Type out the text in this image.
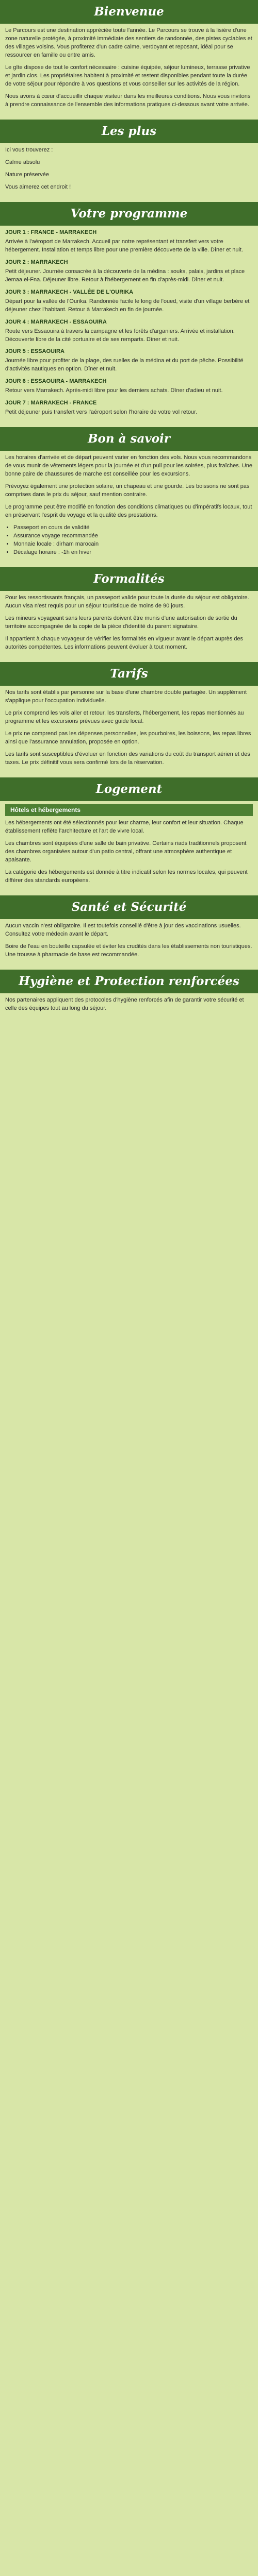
Bienvenue

Le Parcours est une destination appréciée toute l'année. Le Parcours se trouve à la lisière d'une zone naturelle protégée, à proximité immédiate des sentiers de randonnée, des pistes cyclables et des villages voisins. Vous profiterez d'un cadre calme, verdoyant et reposant, idéal pour se ressourcer en famille ou entre amis.

Le gîte dispose de tout le confort nécessaire : cuisine équipée, séjour lumineux, terrasse privative et jardin clos. Les propriétaires habitent à proximité et restent disponibles pendant toute la durée de votre séjour pour répondre à vos questions et vous conseiller sur les activités de la région.

Nous avons à cœur d'accueillir chaque visiteur dans les meilleures conditions. Nous vous invitons à prendre connaissance de l'ensemble des informations pratiques ci-dessous avant votre arrivée.

Les plus

Ici vous trouverez :

Calme absolu

Nature préservée

Vous aimerez cet endroit !

Votre programme
JOUR 1 : FRANCE - MARRAKECH

Arrivée à l'aéroport de Marrakech. Accueil par notre représentant et transfert vers votre hébergement. Installation et temps libre pour une première découverte de la ville. Dîner et nuit.

JOUR 2 : MARRAKECH

Petit déjeuner. Journée consacrée à la découverte de la médina : souks, palais, jardins et place Jemaa el-Fna. Déjeuner libre. Retour à l'hébergement en fin d'après-midi. Dîner et nuit.

JOUR 3 : MARRAKECH - VALLÉE DE L'OURIKA

Départ pour la vallée de l'Ourika. Randonnée facile le long de l'oued, visite d'un village berbère et déjeuner chez l'habitant. Retour à Marrakech en fin de journée.

JOUR 4 : MARRAKECH - ESSAOUIRA

Route vers Essaouira à travers la campagne et les forêts d'arganiers. Arrivée et installation. Découverte libre de la cité portuaire et de ses remparts. Dîner et nuit.

JOUR 5 : ESSAOUIRA

Journée libre pour profiter de la plage, des ruelles de la médina et du port de pêche. Possibilité d'activités nautiques en option. Dîner et nuit.

JOUR 6 : ESSAOUIRA - MARRAKECH

Retour vers Marrakech. Après-midi libre pour les derniers achats. Dîner d'adieu et nuit.

JOUR 7 : MARRAKECH - FRANCE

Petit déjeuner puis transfert vers l'aéroport selon l'horaire de votre vol retour.

Bon à savoir

Les horaires d'arrivée et de départ peuvent varier en fonction des vols. Nous vous recommandons de vous munir de vêtements légers pour la journée et d'un pull pour les soirées, plus fraîches. Une bonne paire de chaussures de marche est conseillée pour les excursions.

Prévoyez également une protection solaire, un chapeau et une gourde. Les boissons ne sont pas comprises dans le prix du séjour, sauf mention contraire.

Le programme peut être modifié en fonction des conditions climatiques ou d'impératifs locaux, tout en préservant l'esprit du voyage et la qualité des prestations.

• Passeport en cours de validité
• Assurance voyage recommandée
• Monnaie locale : dirham marocain
• Décalage horaire : -1h en hiver
Formalités

Pour les ressortissants français, un passeport valide pour toute la durée du séjour est obligatoire. Aucun visa n'est requis pour un séjour touristique de moins de 90 jours.

Les mineurs voyageant sans leurs parents doivent être munis d'une autorisation de sortie du territoire accompagnée de la copie de la pièce d'identité du parent signataire.

Il appartient à chaque voyageur de vérifier les formalités en vigueur avant le départ auprès des autorités compétentes. Les informations peuvent évoluer à tout moment.

Tarifs

Nos tarifs sont établis par personne sur la base d'une chambre double partagée. Un supplément s'applique pour l'occupation individuelle.

Le prix comprend les vols aller et retour, les transferts, l'hébergement, les repas mentionnés au programme et les excursions prévues avec guide local.

Le prix ne comprend pas les dépenses personnelles, les pourboires, les boissons, les repas libres ainsi que l'assurance annulation, proposée en option.

Les tarifs sont susceptibles d'évoluer en fonction des variations du coût du transport aérien et des taxes. Le prix définitif vous sera confirmé lors de la réservation.

Logement
Hôtels et hébergements

Les hébergements ont été sélectionnés pour leur charme, leur confort et leur situation. Chaque établissement reflète l'architecture et l'art de vivre local.

Les chambres sont équipées d'une salle de bain privative. Certains riads traditionnels proposent des chambres organisées autour d'un patio central, offrant une atmosphère authentique et apaisante.

La catégorie des hébergements est donnée à titre indicatif selon les normes locales, qui peuvent différer des standards européens.

Santé et Sécurité

Aucun vaccin n'est obligatoire. Il est toutefois conseillé d'être à jour des vaccinations usuelles. Consultez votre médecin avant le départ.

Boire de l'eau en bouteille capsulée et éviter les crudités dans les établissements non touristiques. Une trousse à pharmacie de base est recommandée.

Hygiène et Protection renforcées

Nos partenaires appliquent des protocoles d'hygiène renforcés afin de garantir votre sécurité et celle des équipes tout au long du séjour.
